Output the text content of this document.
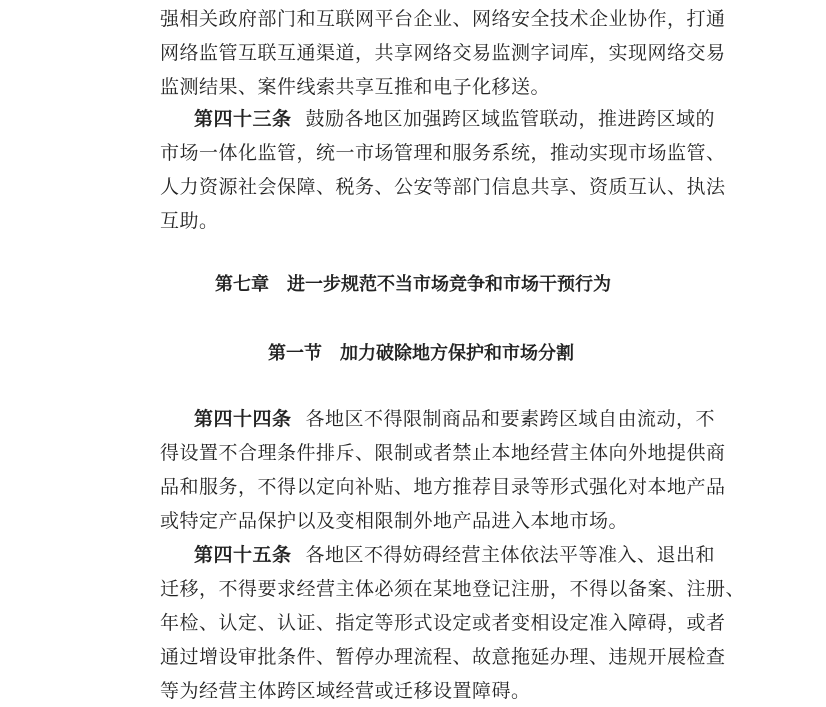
强相关政府部门和互联网平台企业、网络安全技术企业协作，打通
网络监管互联互通渠道，共享网络交易监测字词库，实现网络交易
监测结果、案件线索共享互推和电子化移送。
第四十三条 鼓励各地区加强跨区域监管联动，推进跨区域的
市场一体化监管，统一市场管理和服务系统，推动实现市场监管、
人力资源社会保障、税务、公安等部门信息共享、资质互认、执法
互助。
第七章 进一步规范不当市场竞争和市场干预行为
第一节 加力破除地方保护和市场分割
第四十四条 各地区不得限制商品和要素跨区域自由流动，不
得设置不合理条件排斥、限制或者禁止本地经营主体向外地提供商
品和服务，不得以定向补贴、地方推荐目录等形式强化对本地产品
或特定产品保护以及变相限制外地产品进入本地市场。
第四十五条 各地区不得妨碍经营主体依法平等准入、退出和
迁移，不得要求经营主体必须在某地登记注册，不得以备案、注册、
年检、认定、认证、指定等形式设定或者变相设定准入障碍，或者
通过增设审批条件、暂停办理流程、故意拖延办理、违规开展检查
等为经营主体跨区域经营或迁移设置障碍。
